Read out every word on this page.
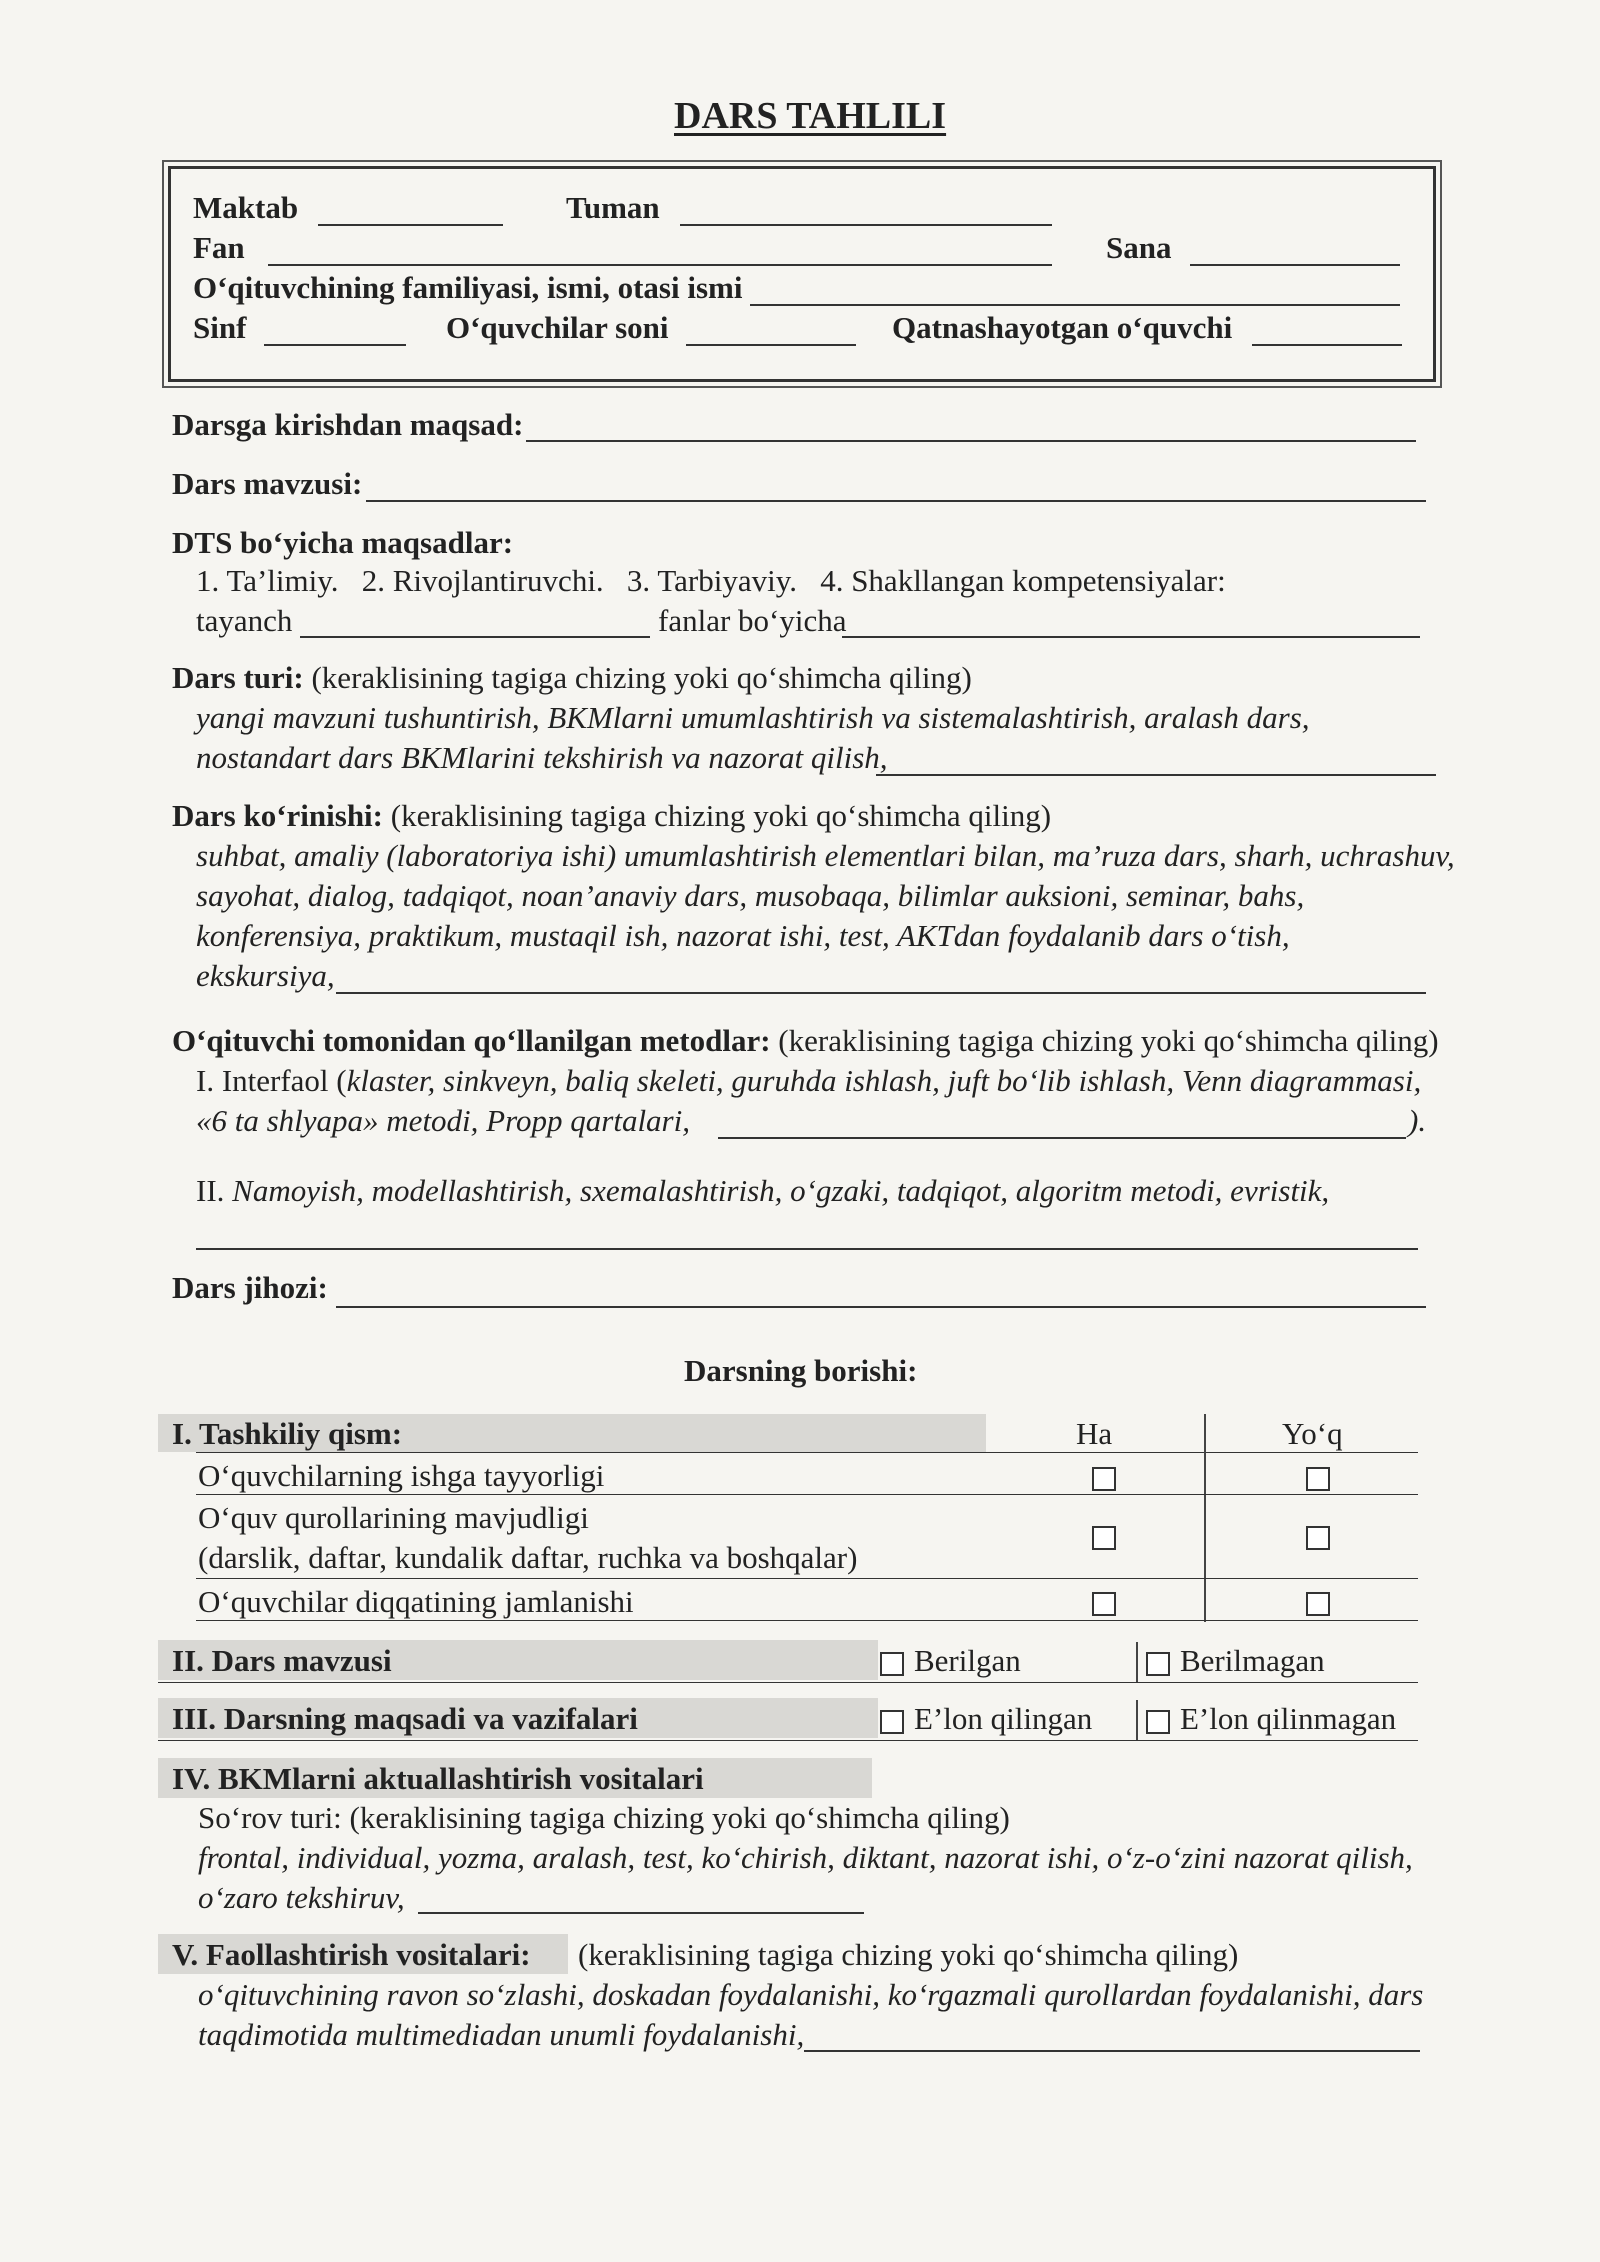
DARS TAHLILI
Maktab	Tuman
Fan	Sana
O‘qituvchining familiyasi, ismi, otasi ismi
Sinf	O‘quvchilar soni	Qatnashayotgan o‘quvchi
Darsga kirishdan maqsad:
Dars mavzusi:
DTS bo‘yicha maqsadlar:
1. Ta’limiy.   2. Rivojlantiruvchi.   3. Tarbiyaviy.   4. Shakllangan kompetensiyalar:
tayanch	fanlar bo‘yicha
Dars turi: (keraklisining tagiga chizing yoki qo‘shimcha qiling)
yangi mavzuni tushuntirish, BKMlarni umumlashtirish va sistemalashtirish, aralash dars,
nostandart dars BKMlarini tekshirish va nazorat qilish,
Dars ko‘rinishi: (keraklisining tagiga chizing yoki qo‘shimcha qiling)
suhbat, amaliy (laboratoriya ishi) umumlashtirish elementlari bilan, ma’ruza dars, sharh, uchrashuv,
sayohat, dialog, tadqiqot, noan’anaviy dars, musobaqa, bilimlar auksioni, seminar, bahs,
konferensiya, praktikum, mustaqil ish, nazorat ishi, test, AKTdan foydalanib dars o‘tish,
ekskursiya,
O‘qituvchi tomonidan qo‘llanilgan metodlar: (keraklisining tagiga chizing yoki qo‘shimcha qiling)
I. Interfaol (klaster, sinkveyn, baliq skeleti, guruhda ishlash, juft bo‘lib ishlash, Venn diagrammasi,
«6 ta shlyapa» metodi, Propp qartalari,	).
II. Namoyish, modellashtirish, sxemalashtirish, o‘gzaki, tadqiqot, algoritm metodi, evristik,
Dars jihozi:
Darsning borishi:
I. Tashkiliy qism:	Ha	Yo‘q
O‘quvchilarning ishga tayyorligi
O‘quv qurollarining mavjudligi
(darslik, daftar, kundalik daftar, ruchka va boshqalar)
O‘quvchilar diqqatining jamlanishi
II. Dars mavzusi	Berilgan	Berilmagan
III. Darsning maqsadi va vazifalari	E’lon qilingan	E’lon qilinmagan
IV. BKMlarni aktuallashtirish vositalari
So‘rov turi: (keraklisining tagiga chizing yoki qo‘shimcha qiling)
frontal, individual, yozma, aralash, test, ko‘chirish, diktant, nazorat ishi, o‘z-o‘zini nazorat qilish,
o‘zaro tekshiruv,
V. Faollashtirish vositalari: (keraklisining tagiga chizing yoki qo‘shimcha qiling)
o‘qituvchining ravon so‘zlashi, doskadan foydalanishi, ko‘rgazmali qurollardan foydalanishi, dars
taqdimotida multimediadan unumli foydalanishi,
